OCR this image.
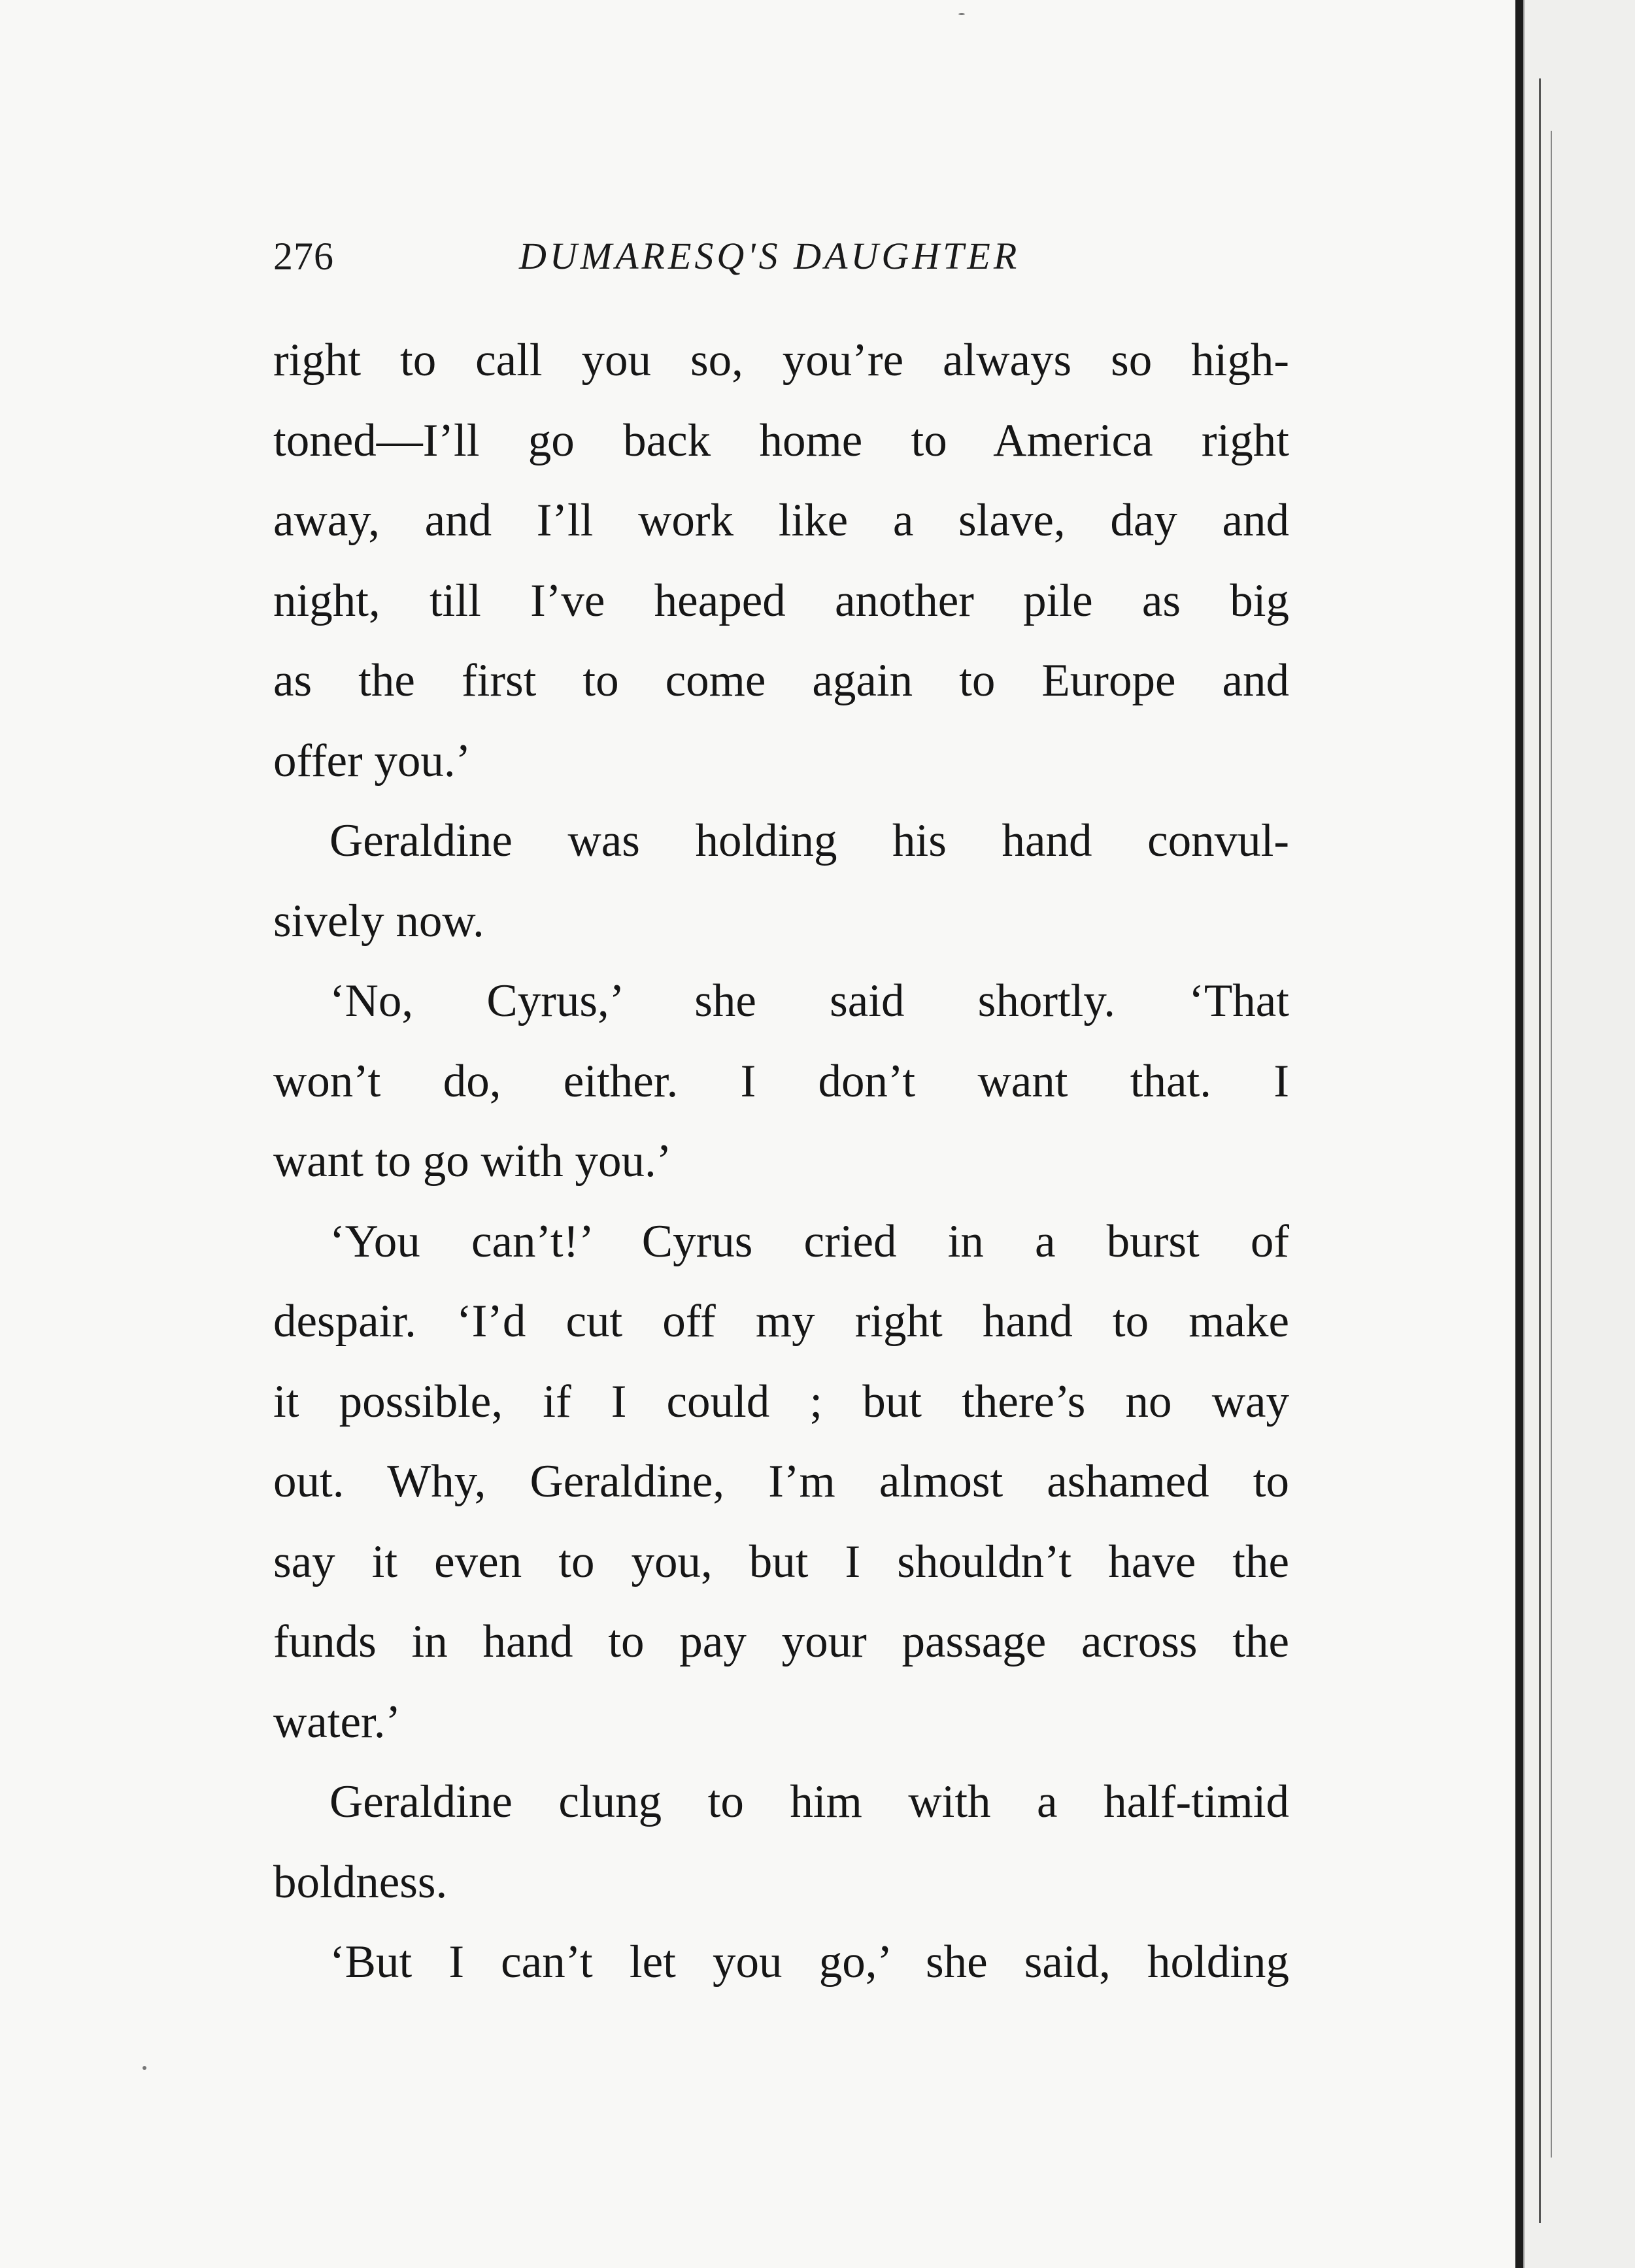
276	DUMARESQ'S DAUGHTER
right to call you so, you’re always so high-
toned—I’ll go back home to America right
away, and I’ll work like a slave, day and
night, till I’ve heaped another pile as big
as the first to come again to Europe and
offer you.’
Geraldine was holding his hand convul-
sively now.
‘No, Cyrus,’ she said shortly. ‘That
won’t do, either. I don’t want that. I
want to go with you.’
‘You can’t!’ Cyrus cried in a burst of
despair. ‘I’d cut off my right hand to make
it possible, if I could ; but there’s no way
out. Why, Geraldine, I’m almost ashamed to
say it even to you, but I shouldn’t have the
funds in hand to pay your passage across the
water.’
Geraldine clung to him with a half-timid
boldness.
‘But I can’t let you go,’ she said, holding
